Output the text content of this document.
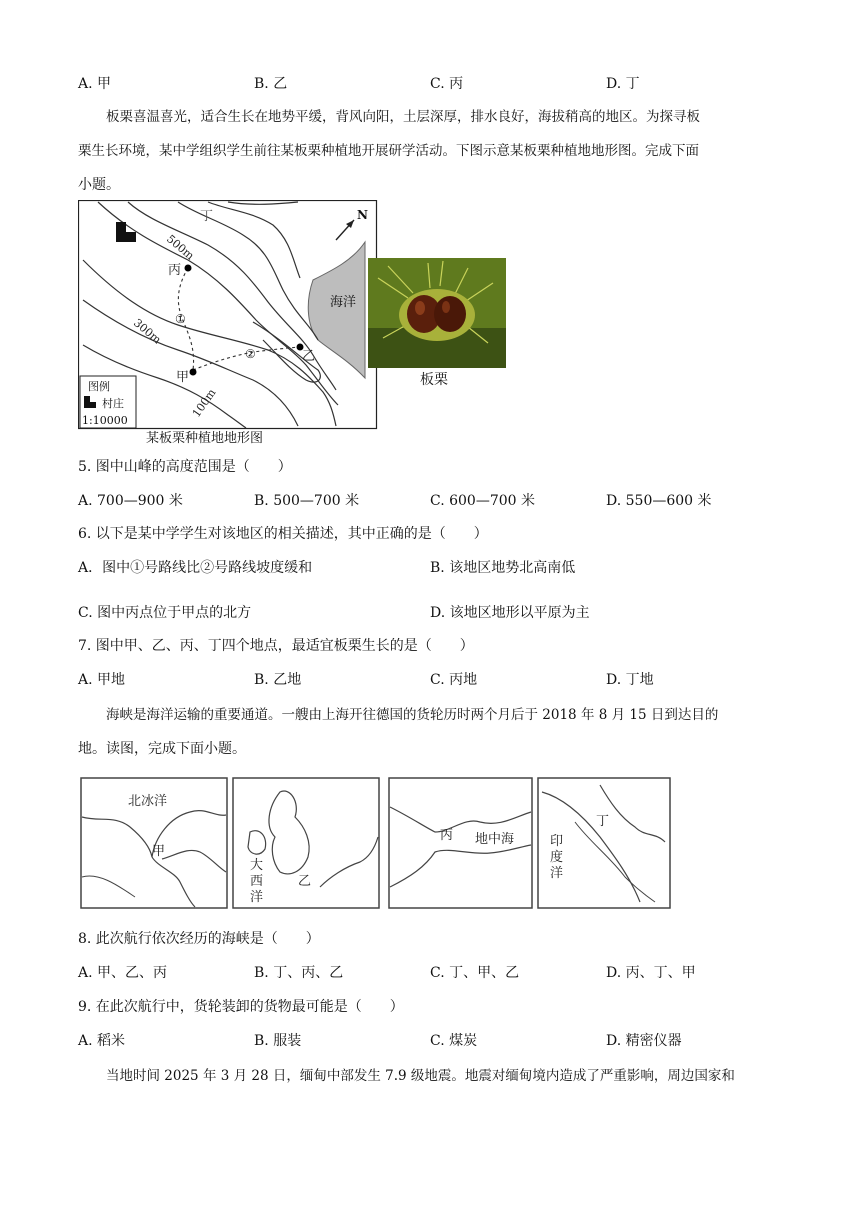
A. 甲	B. 乙	C. 丙	D. 丁
板栗喜温喜光，适合生长在地势平缓，背风向阳，土层深厚，排水良好，海拔稍高的地区。为探寻板
栗生长环境，某中学组织学生前往某板栗种植地开展研学活动。下图示意某板栗种植地地形图。完成下面
小题。
N
海洋
丁
丙
甲
乙
①
②
500m
300m
100m
图例
村庄
1:10000
某板栗种植地地形图
板栗
5. 图中山峰的高度范围是（　　）
A. 700—900 米	B. 500—700 米	C. 600—700 米	D. 550—600 米
6. 以下是某中学学生对该地区的相关描述，其中正确的是（　　）
A．图中①号路线比②号路线坡度缓和	B. 该地区地势北高南低
C. 图中丙点位于甲点的北方	D. 该地区地形以平原为主
7. 图中甲、乙、丙、丁四个地点，最适宜板栗生长的是（　　）
A. 甲地	B. 乙地	C. 丙地	D. 丁地
海峡是海洋运输的重要通道。一艘由上海开往德国的货轮历时两个月后于 2018 年 8 月 15 日到达目的
地。读图，完成下面小题。
北冰洋
甲
大
西
洋
乙
丙 地中海
丁
印
度
洋
8. 此次航行依次经历的海峡是（　　）
A. 甲、乙、丙	B. 丁、丙、乙	C. 丁、甲、乙	D. 丙、丁、甲
9. 在此次航行中，货轮装卸的货物最可能是（　　）
A. 稻米	B. 服装	C. 煤炭	D. 精密仪器
当地时间 2025 年 3 月 28 日，缅甸中部发生 7.9 级地震。地震对缅甸境内造成了严重影响，周边国家和
